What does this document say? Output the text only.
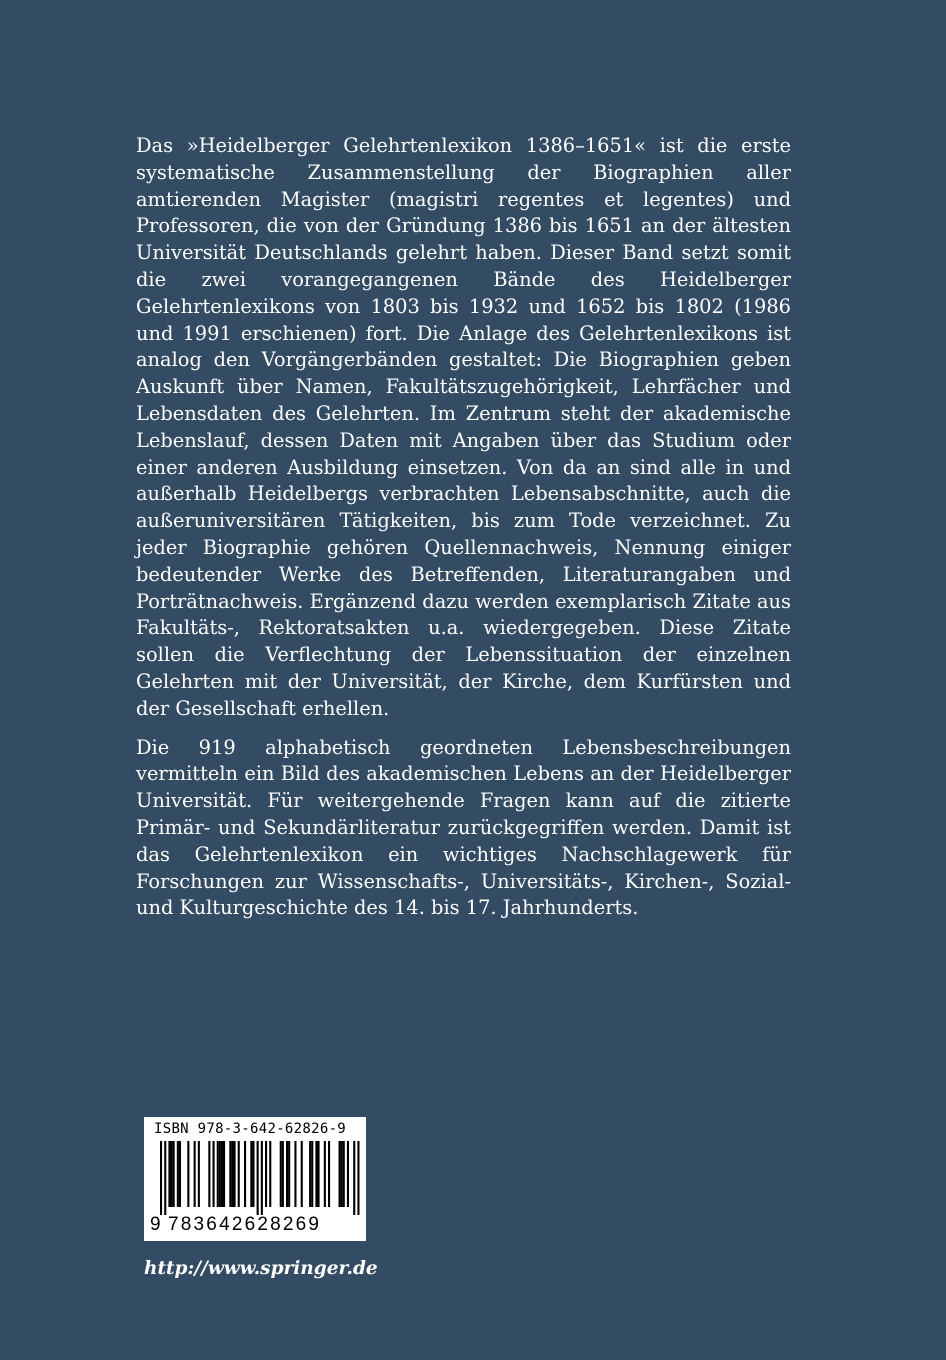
Das »Heidelberger Gelehrtenlexikon 1386–1651« ist die erste systematische Zusammenstellung der Biographien aller amtierenden Magister (magistri regentes et legentes) und Professoren, die von der Gründung 1386 bis 1651 an der ältesten Universität Deutschlands gelehrt haben. Dieser Band setzt somit die zwei vorangegangenen Bände des Heidelberger Gelehrtenlexikons von 1803 bis 1932 und 1652 bis 1802 (1986 und 1991 erschienen) fort. Die Anlage des Gelehrtenlexikons ist analog den Vorgängerbänden gestaltet: Die Biographien geben Auskunft über Namen, Fakultätszugehörigkeit, Lehrfächer und Lebensdaten des Gelehrten. Im Zentrum steht der akademische Lebenslauf, dessen Daten mit Angaben über das Studium oder einer anderen Ausbildung einsetzen. Von da an sind alle in und außerhalb Heidelbergs verbrachten Lebensabschnitte, auch die außeruniversitären Tätigkeiten, bis zum Tode verzeichnet. Zu jeder Biographie gehören Quellennachweis, Nennung einiger bedeutender Werke des Betreffenden, Literaturangaben und Porträtnachweis. Ergänzend dazu werden exemplarisch Zitate aus Fakultäts-, Rektoratsakten u.a. wiedergegeben. Diese Zitate sollen die Verflechtung der Lebenssituation der einzelnen Gelehrten mit der Universität, der Kirche, dem Kurfürsten und der Gesellschaft erhellen.

Die 919 alphabetisch geordneten Lebensbeschreibungen vermitteln ein Bild des akademischen Lebens an der Heidelberger Universität. Für weitergehende Fragen kann auf die zitierte Primär- und Sekundärliteratur zurückgegriffen werden. Damit ist das Gelehrtenlexikon ein wichtiges Nachschlagewerk für Forschungen zur Wissenschafts-, Universitäts-, Kirchen-, Sozial- und Kulturgeschichte des 14. bis 17. Jahrhunderts.

ISBN 978-3-642-62826-9
9 783642628269
http://www.springer.de
